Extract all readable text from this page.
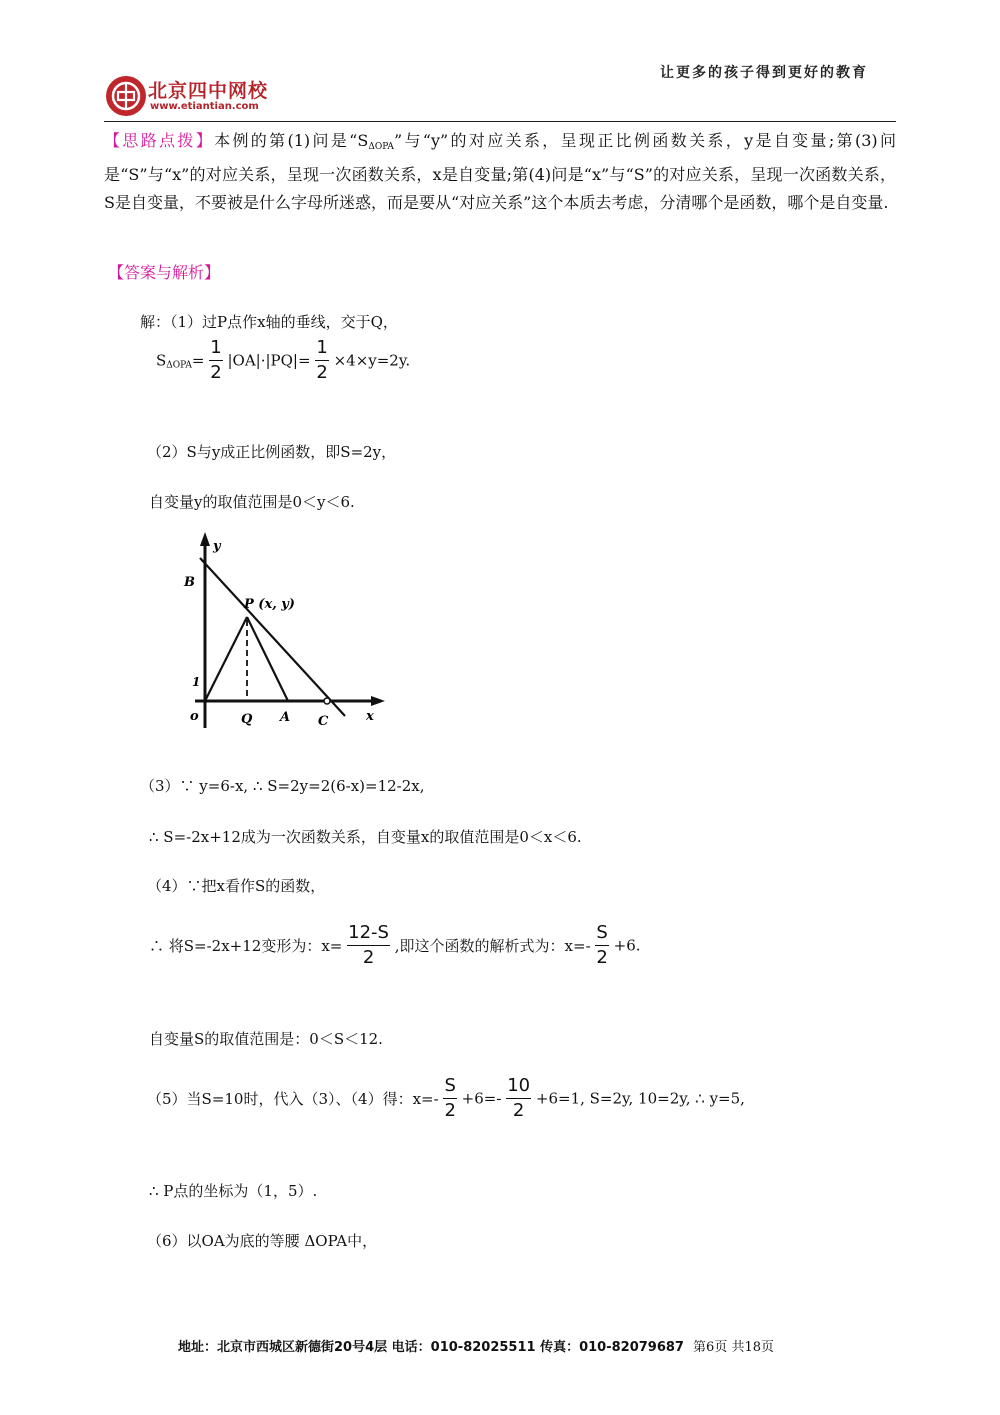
让更多的孩子得到更好的教育
北京四中网校
www.etiantian.com
【思路点拨】本例的第(1)问是“$S_{\Delta OPA}$”与“y”的对应关系，呈现正比例函数关系，y是自变量;第(3)问是“S”与“x”的对应关系，呈现一次函数关系，x是自变量;第(4)问是“x”与“S”的对应关系，呈现一次函数关系，S是自变量，不要被是什么字母所迷惑，而是要从“对应关系”这个本质去考虑，分清哪个是函数，哪个是自变量.
【答案与解析】
解：（1）过P点作x轴的垂线，交于Q，
$S_{\Delta OPA}= \frac{1}{2} |OA|\cdot|PQ|= \frac{1}{2} \times 4\times y=2y$.
（2）S与y成正比例函数，即S=2y，
自变量y的取值范围是0＜y＜6.
y
B
P (x, y)
1
o	Q A C	x
（3）∵ y=6-x, ∴ S=2y=2(6-x)=12-2x,
∴ S=-2x+12成为一次函数关系，自变量x的取值范围是0＜x＜6.
（4）∵把x看作S的函数，
∴ 将S=-2x+12变形为：$x= \frac{12-S}{2}$ ,即这个函数的解析式为：$x=- \frac{S}{2} +6$.
自变量S的取值范围是：0＜S＜12.
（5）当S=10时，代入（3）、（4）得：$x=- \frac{S}{2} +6=- \frac{10}{2} +6=1$, S=2y, 10=2y, ∴ y=5,
∴ P点的坐标为（1，5）.
（6）以OA为底的等腰 ΔOPA中，
地址：北京市西城区新德街20号4层 电话：010-82025511 传真：010-82079687 第6页 共18页
